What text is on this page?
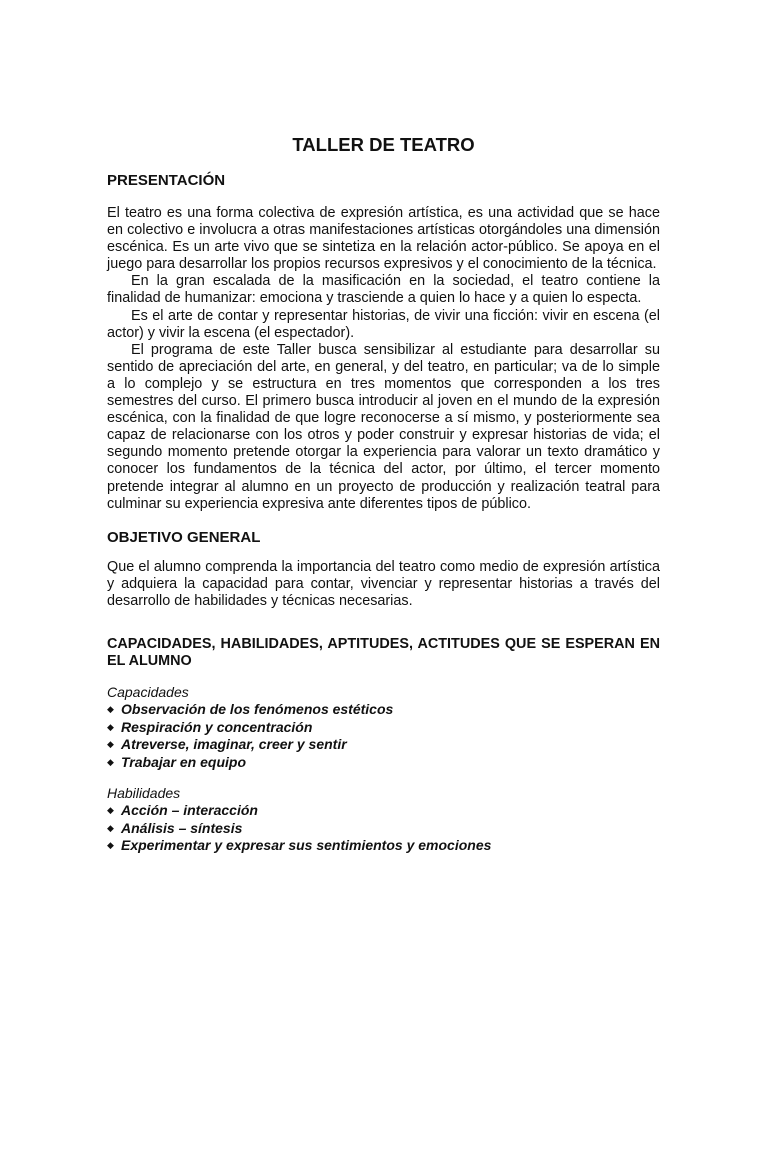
TALLER DE TEATRO
PRESENTACIÓN

El teatro es una forma colectiva de expresión artística, es una actividad que se hace en colectivo e involucra a otras manifestaciones artísticas otorgándoles una dimensión escénica. Es un arte vivo que se sintetiza en la relación actor-público. Se apoya en el juego para desarrollar los propios recursos expresivos y el conocimiento de la técnica.

En la gran escalada de la masificación en la sociedad, el teatro contiene la finalidad de humanizar: emociona y trasciende a quien lo hace y a quien lo especta.

Es el arte de contar y representar historias, de vivir una ficción: vivir en escena (el actor) y vivir la escena (el espectador).

El programa de este Taller busca sensibilizar al estudiante para desarrollar su sentido de apreciación del arte, en general, y del teatro, en particular; va de lo simple a lo complejo y se estructura en tres momentos que corresponden a los tres semestres del curso. El primero busca introducir al joven en el mundo de la expresión escénica, con la finalidad de que logre reconocerse a sí mismo, y posteriormente sea capaz de relacionarse con los otros y poder construir y expresar historias de vida; el segundo momento pretende otorgar la experiencia para valorar un texto dramático y conocer los fundamentos de la técnica del actor, por último, el tercer momento pretende integrar al alumno en un proyecto de producción y realización teatral para culminar su experiencia expresiva ante diferentes tipos de público.

OBJETIVO GENERAL

Que el alumno comprenda la importancia del teatro como medio de expresión artística y adquiera la capacidad para contar, vivenciar y representar historias a través del desarrollo de habilidades y técnicas necesarias.

CAPACIDADES, HABILIDADES, APTITUDES, ACTITUDES QUE SE ESPERAN EN EL ALUMNO

Capacidades

◆ Observación de los fenómenos estéticos
◆ Respiración y concentración
◆ Atreverse, imaginar, creer y sentir
◆ Trabajar en equipo

Habilidades

◆ Acción – interacción
◆ Análisis – síntesis
◆ Experimentar y expresar sus sentimientos y emociones
